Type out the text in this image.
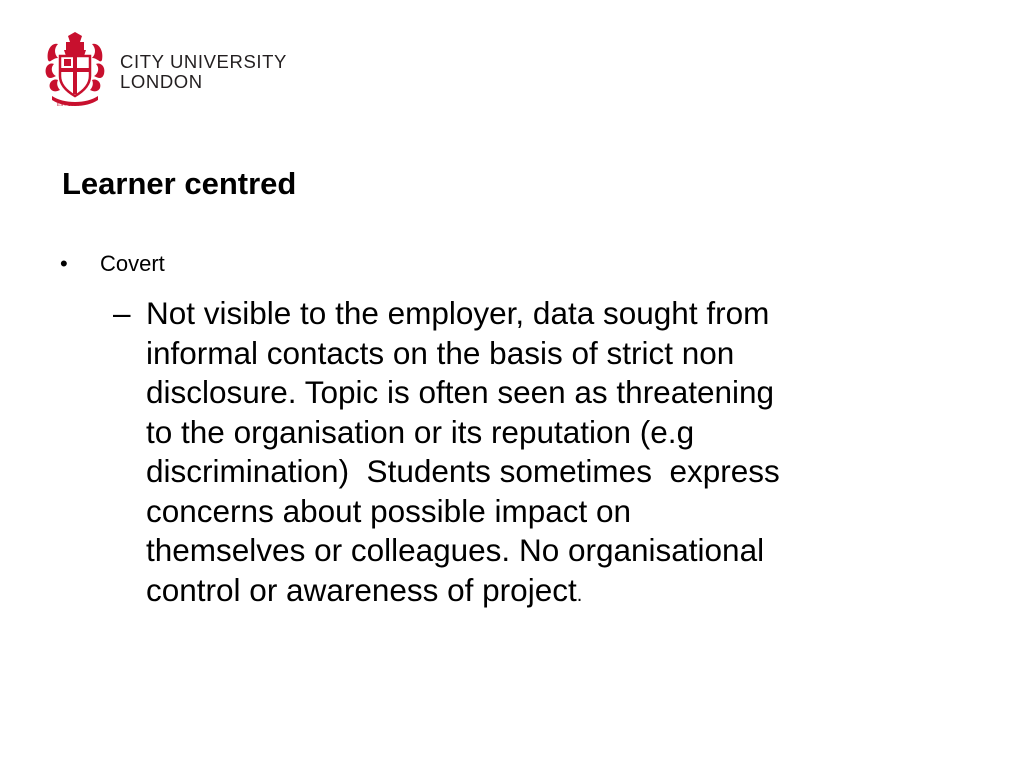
EST 1894
CITY UNIVERSITY
LONDON
Learner centred
• Covert
– Not visible to the employer, data sought from
informal contacts on the basis of strict non
disclosure. Topic is often seen as threatening
to the organisation or its reputation (e.g
discrimination)  Students sometimes  express
concerns about possible impact on
themselves or colleagues. No organisational
control or awareness of project.
